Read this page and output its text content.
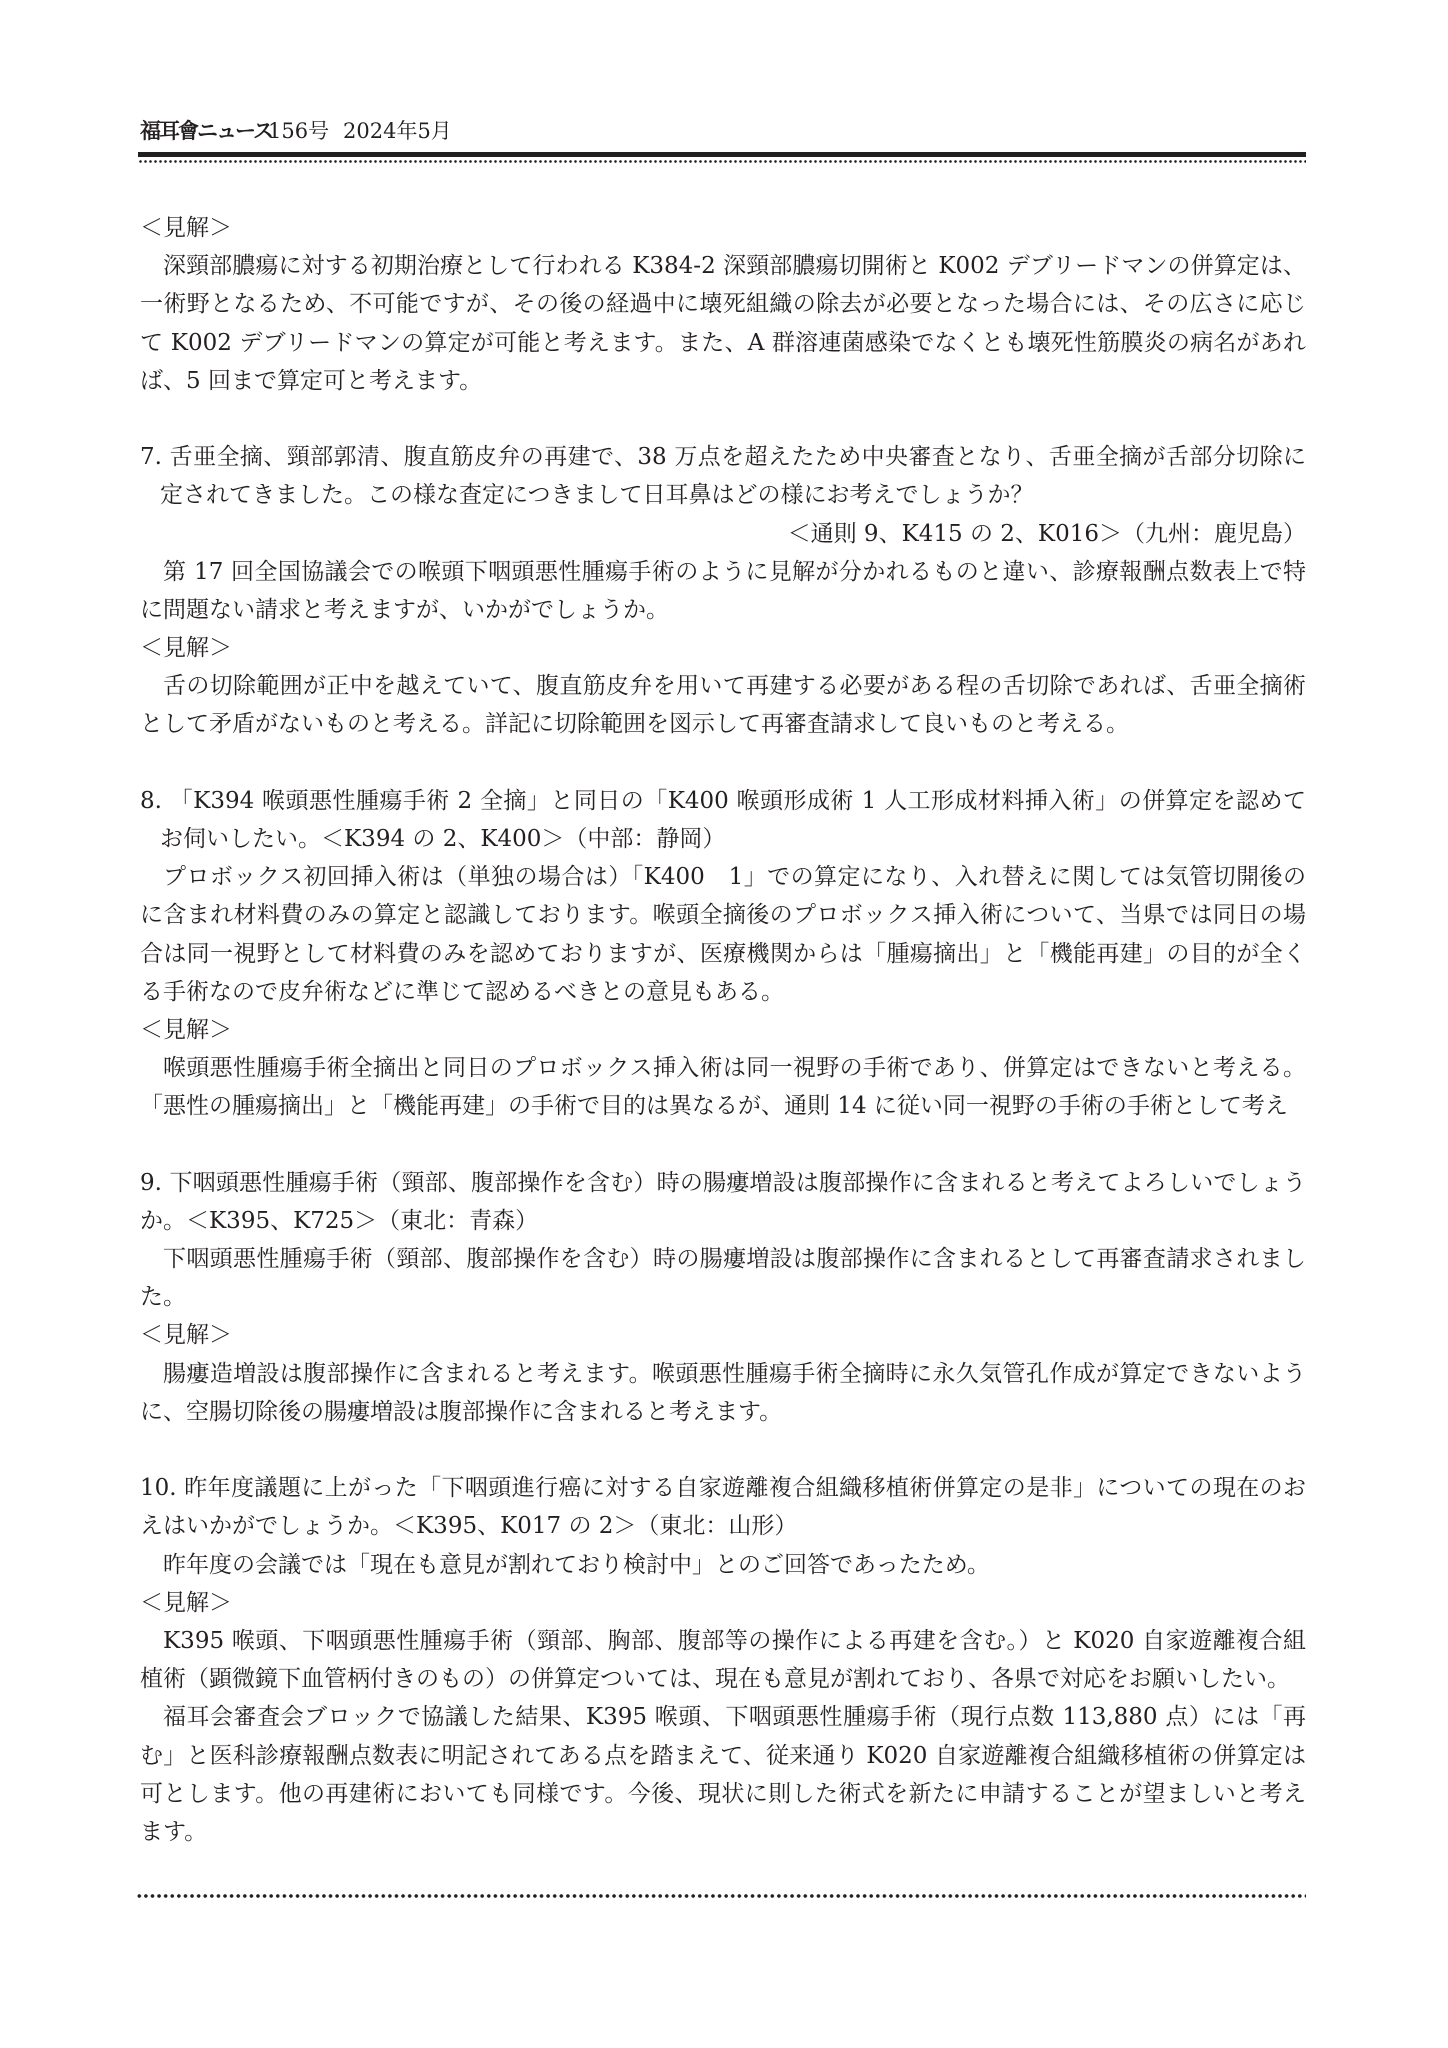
福耳會ニュース
156号 2024年5月
＜見解＞
深頸部膿瘍に対する初期治療として行われる K384-2 深頸部膿瘍切開術と K002 デブリードマンの併算定は、
一術野となるため、不可能ですが、その後の経過中に壊死組織の除去が必要となった場合には、その広さに応じ
て K002 デブリードマンの算定が可能と考えます。また、A 群溶連菌感染でなくとも壊死性筋膜炎の病名があれ
ば、5 回まで算定可と考えます。
7. 舌亜全摘、頸部郭清、腹直筋皮弁の再建で、38 万点を超えたため中央審査となり、舌亜全摘が舌部分切除に
定されてきました。この様な査定につきまして日耳鼻はどの様にお考えでしょうか？
＜通則 9、K415 の 2、K016＞（九州：鹿児島）
第 17 回全国協議会での喉頭下咽頭悪性腫瘍手術のように見解が分かれるものと違い、診療報酬点数表上で特
に問題ない請求と考えますが、いかがでしょうか。
＜見解＞
舌の切除範囲が正中を越えていて、腹直筋皮弁を用いて再建する必要がある程の舌切除であれば、舌亜全摘術
として矛盾がないものと考える。詳記に切除範囲を図示して再審査請求して良いものと考える。
8. 「K394 喉頭悪性腫瘍手術 2 全摘」と同日の「K400 喉頭形成術 1 人工形成材料挿入術」の併算定を認めて
お伺いしたい。＜K394 の 2、K400＞（中部：静岡）
プロボックス初回挿入術は（単独の場合は）「K400　1」での算定になり、入れ替えに関しては気管切開後の
に含まれ材料費のみの算定と認識しております。喉頭全摘後のプロボックス挿入術について、当県では同日の場
合は同一視野として材料費のみを認めておりますが、医療機関からは「腫瘍摘出」と「機能再建」の目的が全く
る手術なので皮弁術などに準じて認めるべきとの意見もある。
＜見解＞
喉頭悪性腫瘍手術全摘出と同日のプロボックス挿入術は同一視野の手術であり、併算定はできないと考える。
「悪性の腫瘍摘出」と「機能再建」の手術で目的は異なるが、通則 14 に従い同一視野の手術の手術として考え
9. 下咽頭悪性腫瘍手術（頸部、腹部操作を含む）時の腸瘻増設は腹部操作に含まれると考えてよろしいでしょう
か。＜K395、K725＞（東北：青森）
下咽頭悪性腫瘍手術（頸部、腹部操作を含む）時の腸瘻増設は腹部操作に含まれるとして再審査請求されまし
た。
＜見解＞
腸瘻造増設は腹部操作に含まれると考えます。喉頭悪性腫瘍手術全摘時に永久気管孔作成が算定できないよう
に、空腸切除後の腸瘻増設は腹部操作に含まれると考えます。
10. 昨年度議題に上がった「下咽頭進行癌に対する自家遊離複合組織移植術併算定の是非」についての現在のお
えはいかがでしょうか。＜K395、K017 の 2＞（東北：山形）
昨年度の会議では「現在も意見が割れており検討中」とのご回答であったため。
＜見解＞
K395 喉頭、下咽頭悪性腫瘍手術（頸部、胸部、腹部等の操作による再建を含む。）と K020 自家遊離複合組
植術（顕微鏡下血管柄付きのもの）の併算定ついては、現在も意見が割れており、各県で対応をお願いしたい。
福耳会審査会ブロックで協議した結果、K395 喉頭、下咽頭悪性腫瘍手術（現行点数 113,880 点）には「再
む」と医科診療報酬点数表に明記されてある点を踏まえて、従来通り K020 自家遊離複合組織移植術の併算定は
可とします。他の再建術においても同様です。今後、現状に則した術式を新たに申請することが望ましいと考え
ます。
